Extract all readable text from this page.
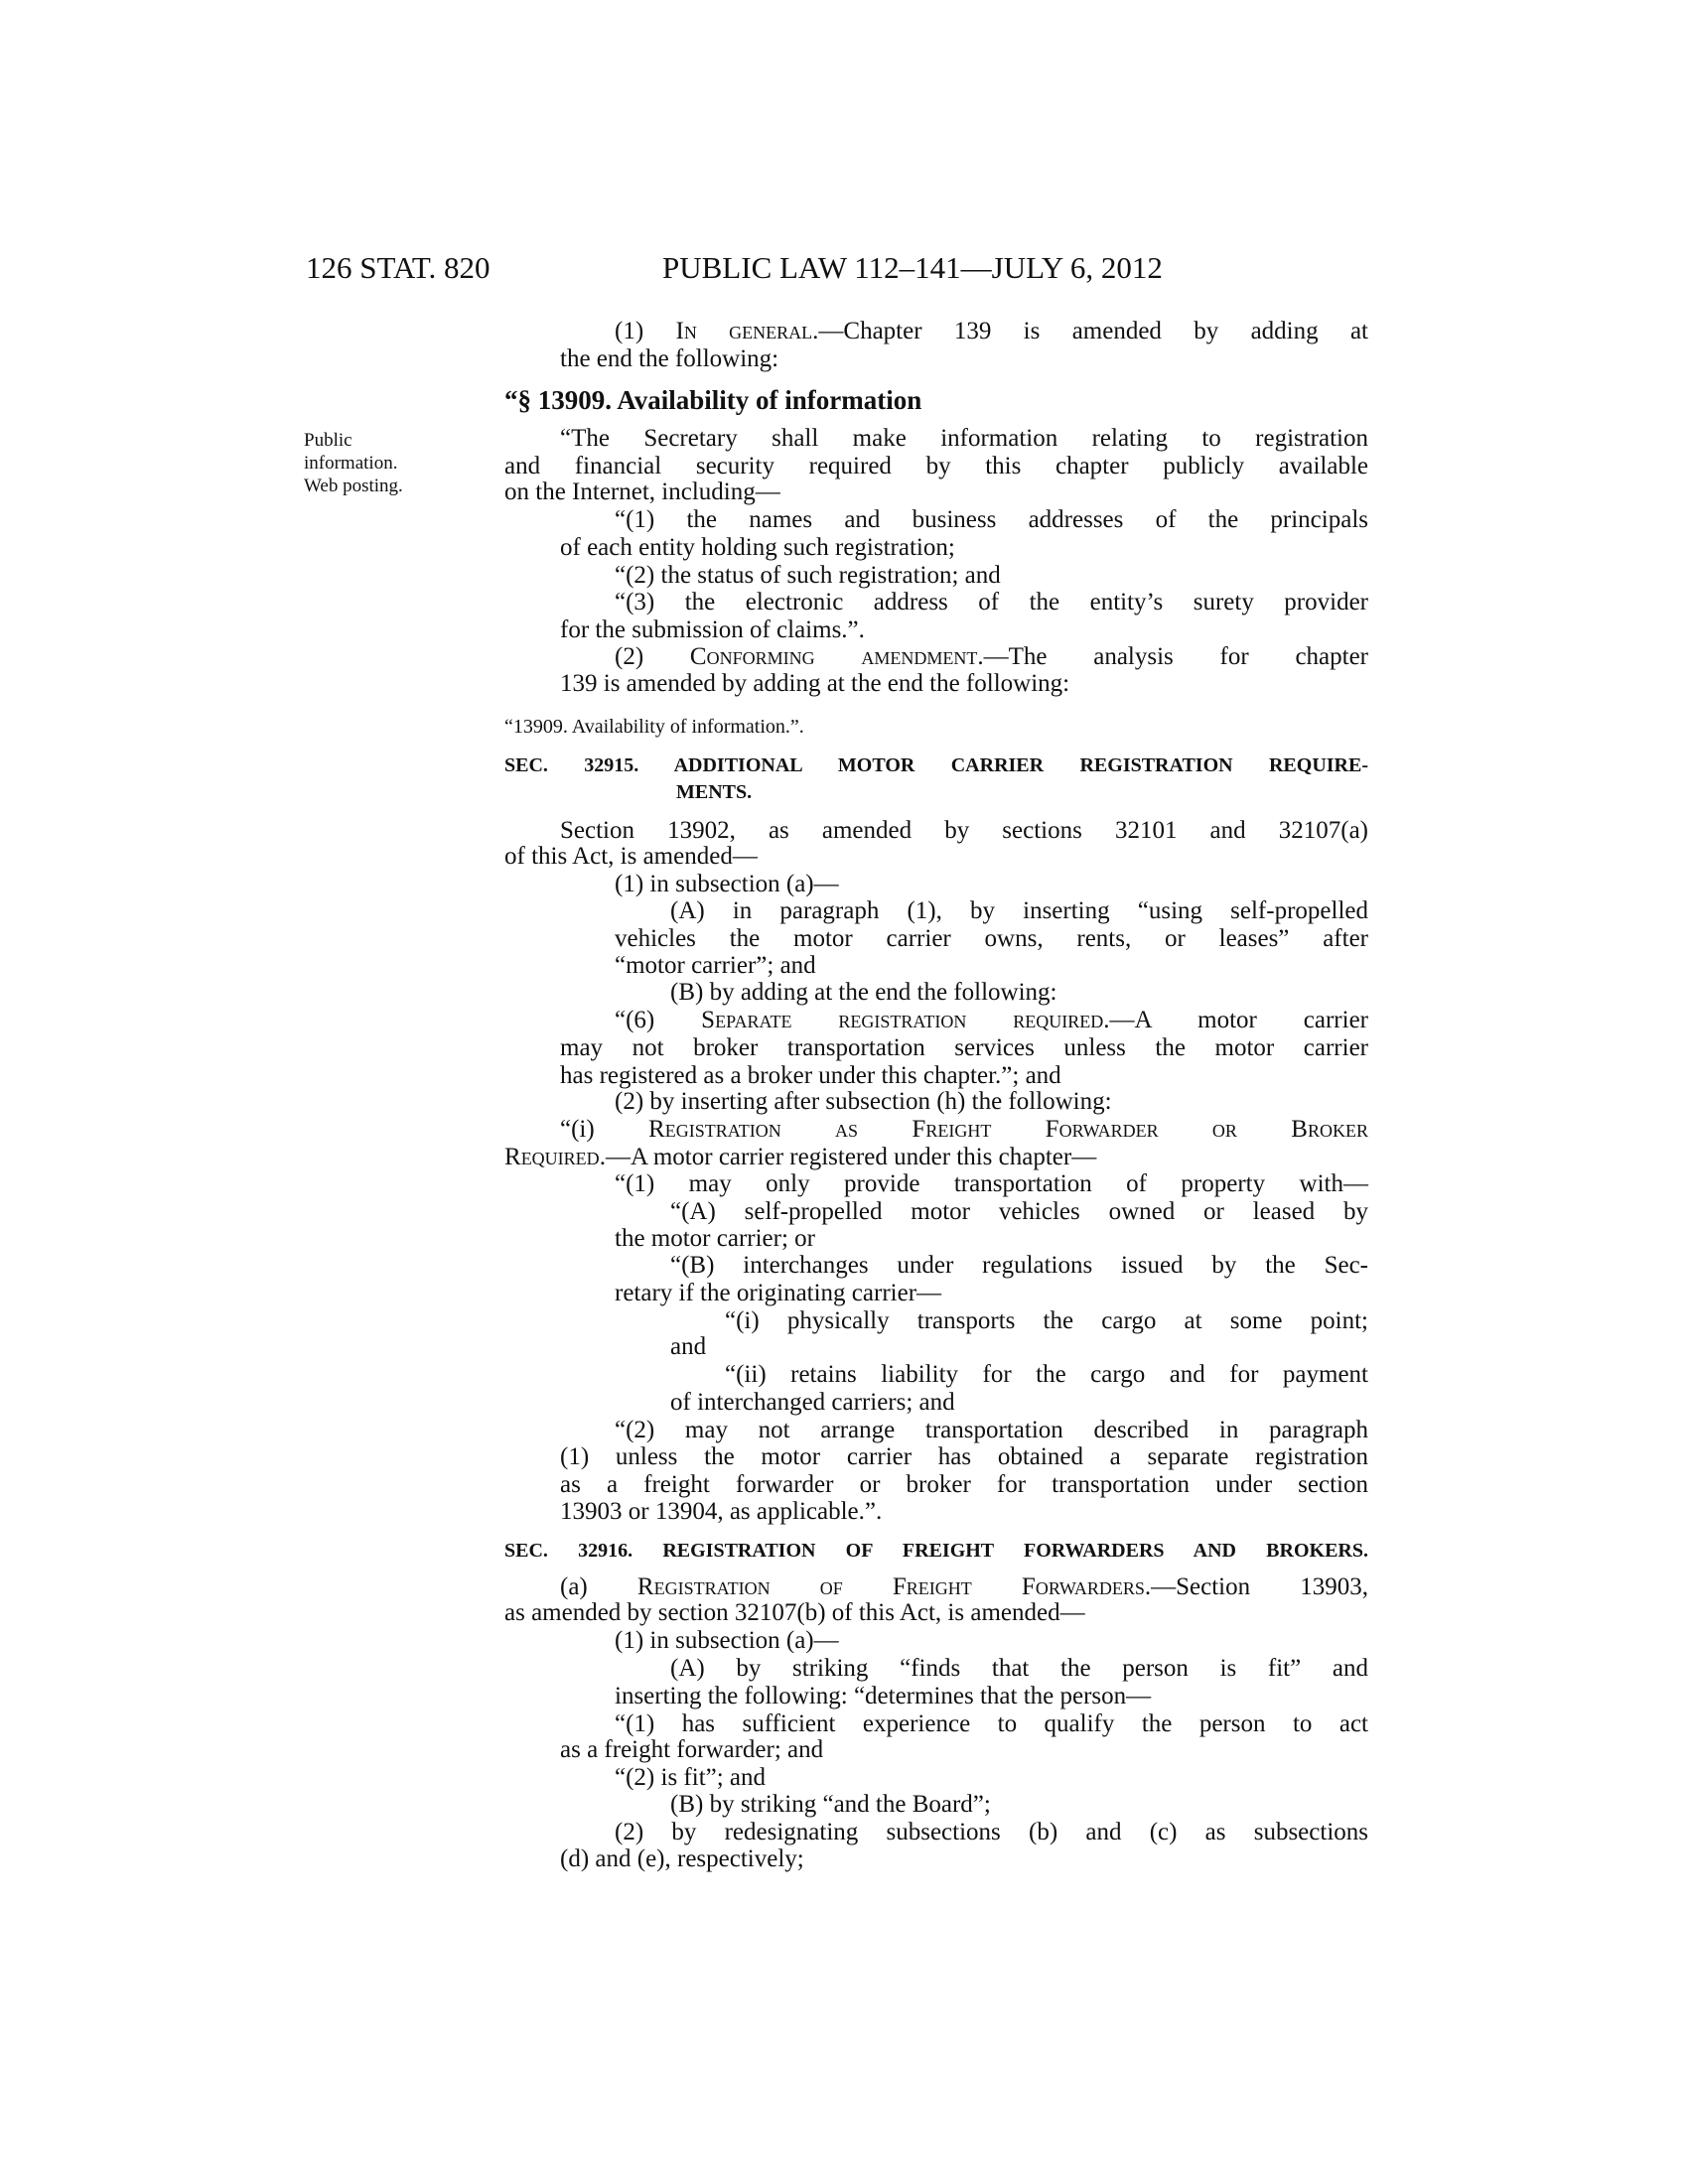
126 STAT. 820	PUBLIC LAW 112–141—JULY 6, 2012
Public
information.
Web posting.
(1) In general.—Chapter 139 is amended by adding at
the end the following:
“§ 13909. Availability of information
“The Secretary shall make information relating to registration
and financial security required by this chapter publicly available
on the Internet, including—
“(1) the names and business addresses of the principals
of each entity holding such registration;
“(2) the status of such registration; and
“(3) the electronic address of the entity’s surety provider
for the submission of claims.”.
(2) Conforming amendment.—The analysis for chapter
139 is amended by adding at the end the following:
“13909. Availability of information.”.
SEC. 32915. ADDITIONAL MOTOR CARRIER REGISTRATION REQUIRE-
MENTS.
Section 13902, as amended by sections 32101 and 32107(a)
of this Act, is amended—
(1) in subsection (a)—
(A) in paragraph (1), by inserting “using self-propelled
vehicles the motor carrier owns, rents, or leases” after
“motor carrier”; and
(B) by adding at the end the following:
“(6) Separate registration required.—A motor carrier
may not broker transportation services unless the motor carrier
has registered as a broker under this chapter.”; and
(2) by inserting after subsection (h) the following:
“(i) Registration as Freight Forwarder or Broker
Required.—A motor carrier registered under this chapter—
“(1) may only provide transportation of property with—
“(A) self-propelled motor vehicles owned or leased by
the motor carrier; or
“(B) interchanges under regulations issued by the Sec-
retary if the originating carrier—
“(i) physically transports the cargo at some point;
and
“(ii) retains liability for the cargo and for payment
of interchanged carriers; and
“(2) may not arrange transportation described in paragraph
(1) unless the motor carrier has obtained a separate registration
as a freight forwarder or broker for transportation under section
13903 or 13904, as applicable.”.
SEC. 32916. REGISTRATION OF FREIGHT FORWARDERS AND BROKERS.
(a) Registration of Freight Forwarders.—Section 13903,
as amended by section 32107(b) of this Act, is amended—
(1) in subsection (a)—
(A) by striking “finds that the person is fit” and
inserting the following: “determines that the person—
“(1) has sufficient experience to qualify the person to act
as a freight forwarder; and
“(2) is fit”; and
(B) by striking “and the Board”;
(2) by redesignating subsections (b) and (c) as subsections
(d) and (e), respectively;
